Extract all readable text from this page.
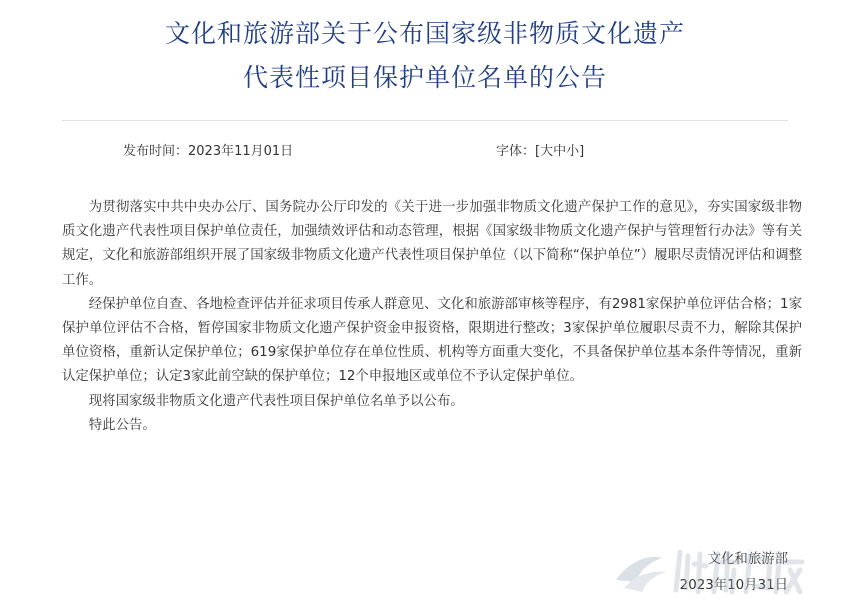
文化和旅游部关于公布国家级非物质文化遗产
代表性项目保护单位名单的公告
发布时间：2023年11月01日	字体：[大中小]

为贯彻落实中共中央办公厅、国务院办公厅印发的《关于进一步加强非物质文化遗产保护工作的意见》，夯实国家级非物质文化遗产代表性项目保护单位责任，加强绩效评估和动态管理，根据《国家级非物质文化遗产保护与管理暂行办法》等有关规定，文化和旅游部组织开展了国家级非物质文化遗产代表性项目保护单位（以下简称“保护单位”）履职尽责情况评估和调整工作。

经保护单位自查、各地检查评估并征求项目传承人群意见、文化和旅游部审核等程序，有2981家保护单位评估合格；1家保护单位评估不合格，暂停国家非物质文化遗产保护资金申报资格，限期进行整改；3家保护单位履职尽责不力，解除其保护单位资格，重新认定保护单位；619家保护单位存在单位性质、机构等方面重大变化，不具备保护单位基本条件等情况，重新认定保护单位；认定3家此前空缺的保护单位；12个申报地区或单位不予认定保护单位。

现将国家级非物质文化遗产代表性项目保护单位名单予以公布。

特此公告。

文化和旅游部
2023年10月31日
